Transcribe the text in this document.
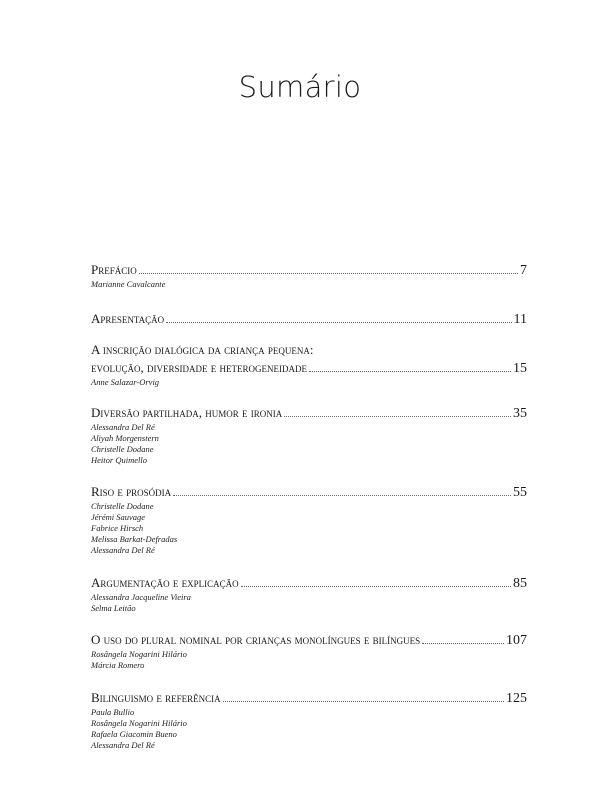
Sumário
Prefácio	7
Marianne Cavalcante
Apresentação	11
A inscrição dialógica da criança pequena:
evolução, diversidade e heterogeneidade	15
Anne Salazar-Orvig
Diversão partilhada, humor e ironia	35
Alessandra Del Ré
Aliyah Morgenstern
Christelle Dodane
Heitor Quimello
Riso e prosódia	55
Christelle Dodane
Jérémi Sauvage
Fabrice Hirsch
Melissa Barkat-Defradas
Alessandra Del Ré
Argumentação e explicação	85
Alessandra Jacqueline Vieira
Selma Leitão
O uso do plural nominal por crianças monolíngues e bilíngues	107
Rosângela Nogarini Hilário
Márcia Romero
Bilinguismo e referência	125
Paula Bullio
Rosângela Nogarini Hilário
Rafaela Giacomin Bueno
Alessandra Del Ré
